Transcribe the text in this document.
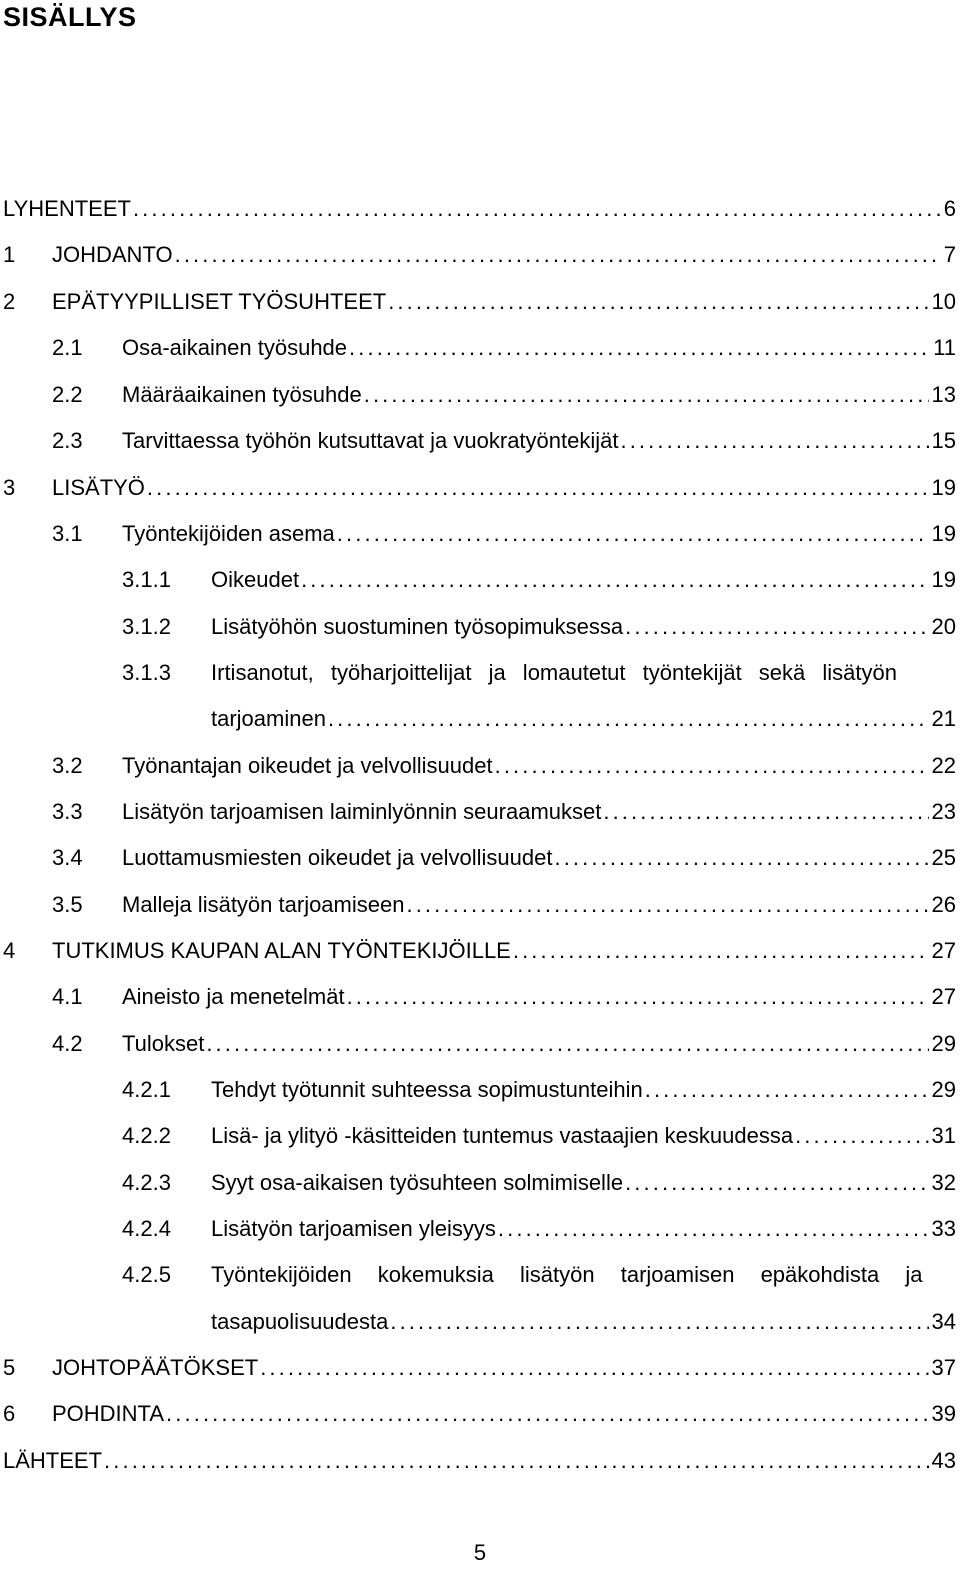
SISÄLLYS
LYHENTEET . . .	6
1 JOHDANTO . . .	7
2 EPÄTYYPILLISET TYÖSUHTEET . . .	10
2.1 Osa-aikainen työsuhde . . .	11
2.2 Määräaikainen työsuhde . . .	13
2.3 Tarvittaessa työhön kutsuttavat ja vuokratyöntekijät . . .	15
3 LISÄTYÖ . . .	19
3.1 Työntekijöiden asema . . .	19
3.1.1 Oikeudet . . .	19
3.1.2 Lisätyöhön suostuminen työsopimuksessa . . .	20
3.1.3 Irtisanotut, työharjoittelijat ja lomautetut työntekijät sekä lisätyön
tarjoaminen . . .	21
3.2 Työnantajan oikeudet ja velvollisuudet . . .	22
3.3 Lisätyön tarjoamisen laiminlyönnin seuraamukset . . .	23
3.4 Luottamusmiesten oikeudet ja velvollisuudet . . .	25
3.5 Malleja lisätyön tarjoamiseen . . .	26
4 TUTKIMUS KAUPAN ALAN TYÖNTEKIJÖILLE . . .	27
4.1 Aineisto ja menetelmät . . .	27
4.2 Tulokset . . .	29
4.2.1 Tehdyt työtunnit suhteessa sopimustunteihin . . .	29
4.2.2 Lisä- ja ylityö -käsitteiden tuntemus vastaajien keskuudessa . . .	31
4.2.3 Syyt osa-aikaisen työsuhteen solmimiselle . . .	32
4.2.4 Lisätyön tarjoamisen yleisyys . . .	33
4.2.5 Työntekijöiden kokemuksia lisätyön tarjoamisen epäkohdista ja
tasapuolisuudesta . . .	34
5 JOHTOPÄÄTÖKSET . . .	37
6 POHDINTA . . .	39
LÄHTEET . . .	43
5
